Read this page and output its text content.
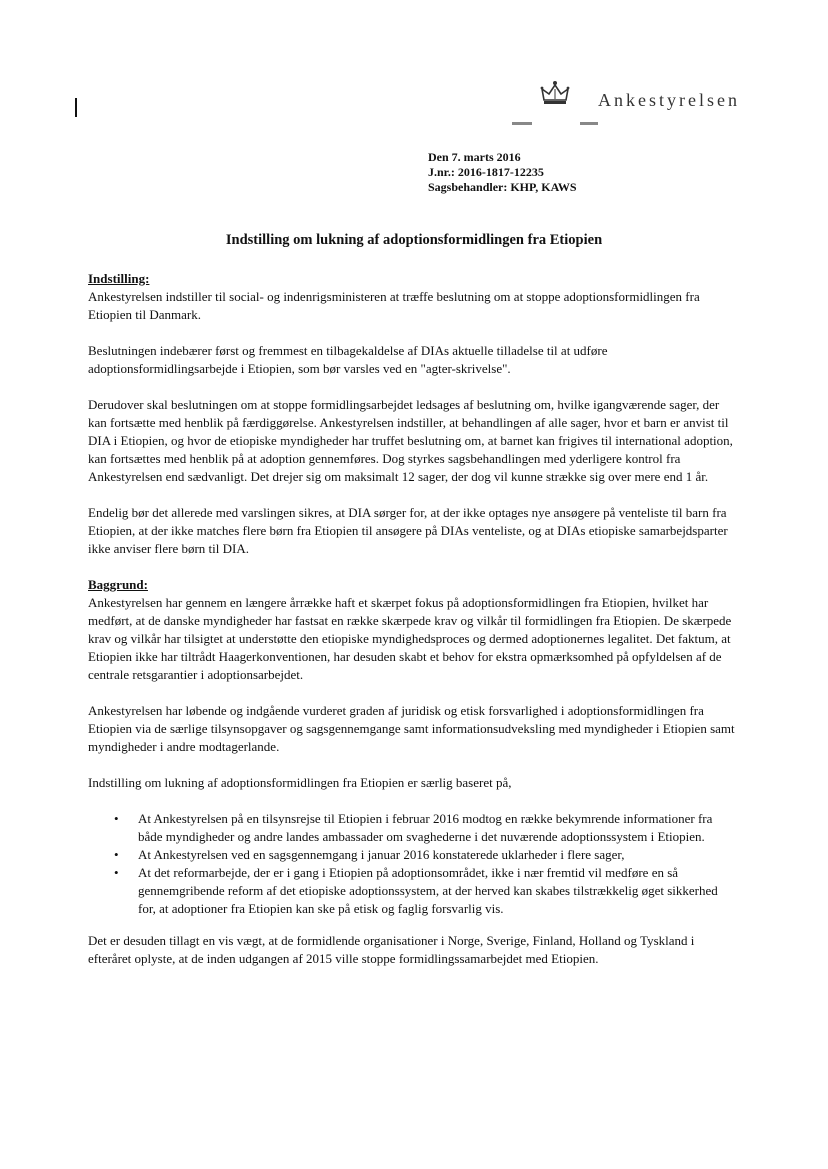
Ankestyrelsen
Den 7. marts 2016
J.nr.: 2016-1817-12235
Sagsbehandler: KHP, KAWS
Indstilling om lukning af adoptionsformidlingen fra Etiopien
Indstilling:

Ankestyrelsen indstiller til social- og indenrigsministeren at træffe beslutning om at stoppe adoptionsformidlingen fra Etiopien til Danmark.

Beslutningen indebærer først og fremmest en tilbagekaldelse af DIAs aktuelle tilladelse til at udføre adoptionsformidlingsarbejde i Etiopien, som bør varsles ved en "agter-skrivelse".

Derudover skal beslutningen om at stoppe formidlingsarbejdet ledsages af beslutning om, hvilke igangværende sager, der kan fortsætte med henblik på færdiggørelse. Ankestyrelsen indstiller, at behandlingen af alle sager, hvor et barn er anvist til DIA i Etiopien, og hvor de etiopiske myndigheder har truffet beslutning om, at barnet kan frigives til international adoption, kan fortsættes med henblik på at adoption gennemføres. Dog styrkes sagsbehandlingen med yderligere kontrol fra Ankestyrelsen end sædvanligt. Det drejer sig om maksimalt 12 sager, der dog vil kunne strække sig over mere end 1 år.

Endelig bør det allerede med varslingen sikres, at DIA sørger for, at der ikke optages nye ansøgere på venteliste til barn fra Etiopien, at der ikke matches flere børn fra Etiopien til ansøgere på DIAs venteliste, og at DIAs etiopiske samarbejdsparter ikke anviser flere børn til DIA.

Baggrund:

Ankestyrelsen har gennem en længere årrække haft et skærpet fokus på adoptionsformidlingen fra Etiopien, hvilket har medført, at de danske myndigheder har fastsat en række skærpede krav og vilkår til formidlingen fra Etiopien. De skærpede krav og vilkår har tilsigtet at understøtte den etiopiske myndighedsproces og dermed adoptionernes legalitet. Det faktum, at Etiopien ikke har tiltrådt Haagerkonventionen, har desuden skabt et behov for ekstra opmærksomhed på opfyldelsen af de centrale retsgarantier i adoptionsarbejdet.

Ankestyrelsen har løbende og indgående vurderet graden af juridisk og etisk forsvarlighed i adoptionsformidlingen fra Etiopien via de særlige tilsynsopgaver og sagsgennemgange samt informationsudveksling med myndigheder i Etiopien samt myndigheder i andre modtagerlande.

Indstilling om lukning af adoptionsformidlingen fra Etiopien er særlig baseret på,

• At Ankestyrelsen på en tilsynsrejse til Etiopien i februar 2016 modtog en række bekymrende informationer fra både myndigheder og andre landes ambassader om svaghederne i det nuværende adoptionssystem i Etiopien.
• At Ankestyrelsen ved en sagsgennemgang i januar 2016 konstaterede uklarheder i flere sager,
• At det reformarbejde, der er i gang i Etiopien på adoptionsområdet, ikke i nær fremtid vil medføre en så gennemgribende reform af det etiopiske adoptionssystem, at der herved kan skabes tilstrækkelig øget sikkerhed for, at adoptioner fra Etiopien kan ske på etisk og faglig forsvarlig vis.

Det er desuden tillagt en vis vægt, at de formidlende organisationer i Norge, Sverige, Finland, Holland og Tyskland i efteråret oplyste, at de inden udgangen af 2015 ville stoppe formidlingssamarbejdet med Etiopien.
